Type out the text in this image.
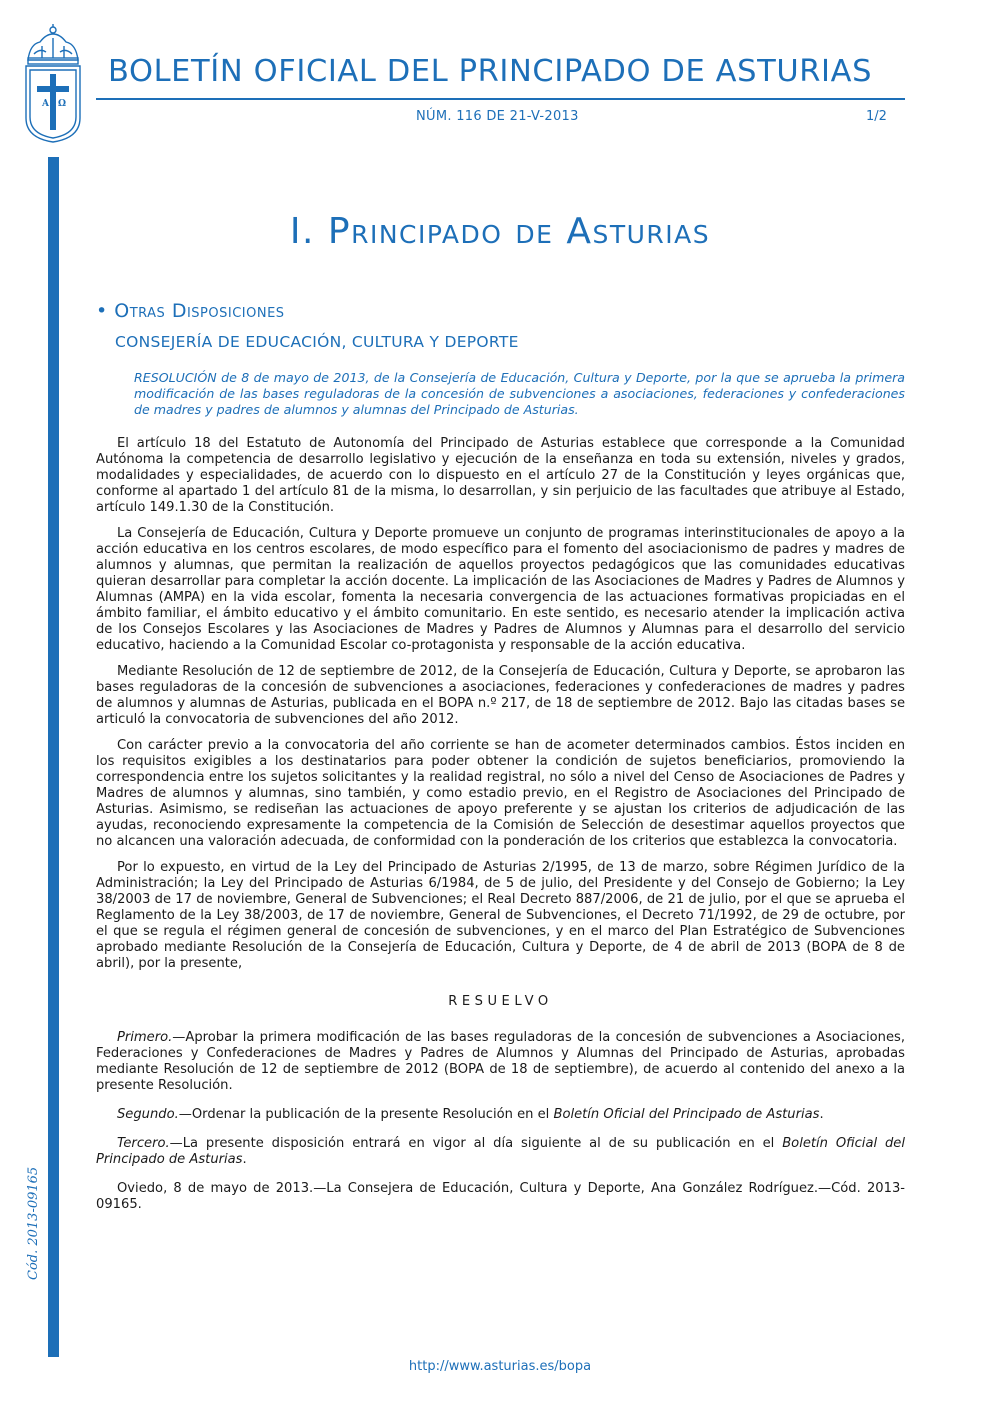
A Ω
BOLETÍN OFICIAL DEL PRINCIPADO DE ASTURIAS
NÚM. 116 DE 21-V-2013	1/2
Cód. 2013-09165
I. Principado de Asturias
• Otras Disposiciones
CONSEJERÍA DE EDUCACIÓN, CULTURA Y DEPORTE
RESOLUCIÓN de 8 de mayo de 2013, de la Consejería de Educación, Cultura y Deporte, por la que se aprueba la primera modificación de las bases reguladoras de la concesión de subvenciones a asociaciones, federaciones y confederaciones de madres y padres de alumnos y alumnas del Principado de Asturias.

El artículo 18 del Estatuto de Autonomía del Principado de Asturias establece que corresponde a la Comunidad Autónoma la competencia de desarrollo legislativo y ejecución de la enseñanza en toda su extensión, niveles y grados, modalidades y especialidades, de acuerdo con lo dispuesto en el artículo 27 de la Constitución y leyes orgánicas que, conforme al apartado 1 del artículo 81 de la misma, lo desarrollan, y sin perjuicio de las facultades que atribuye al Estado, artículo 149.1.30 de la Constitución.

La Consejería de Educación, Cultura y Deporte promueve un conjunto de programas interinstitucionales de apoyo a la acción educativa en los centros escolares, de modo específico para el fomento del asociacionismo de padres y madres de alumnos y alumnas, que permitan la realización de aquellos proyectos pedagógicos que las comunidades educativas quieran desarrollar para completar la acción docente. La implicación de las Asociaciones de Madres y Padres de Alumnos y Alumnas (AMPA) en la vida escolar, fomenta la necesaria convergencia de las actuaciones formativas propiciadas en el ámbito familiar, el ámbito educativo y el ámbito comunitario. En este sentido, es necesario atender la implicación activa de los Consejos Escolares y las Asociaciones de Madres y Padres de Alumnos y Alumnas para el desarrollo del servicio educativo, haciendo a la Comunidad Escolar co-protagonista y responsable de la acción educativa.

Mediante Resolución de 12 de septiembre de 2012, de la Consejería de Educación, Cultura y Deporte, se aprobaron las bases reguladoras de la concesión de subvenciones a asociaciones, federaciones y confederaciones de madres y padres de alumnos y alumnas de Asturias, publicada en el BOPA n.º 217, de 18 de septiembre de 2012. Bajo las citadas bases se articuló la convocatoria de subvenciones del año 2012.

Con carácter previo a la convocatoria del año corriente se han de acometer determinados cambios. Éstos inciden en los requisitos exigibles a los destinatarios para poder obtener la condición de sujetos beneficiarios, promoviendo la correspondencia entre los sujetos solicitantes y la realidad registral, no sólo a nivel del Censo de Asociaciones de Padres y Madres de alumnos y alumnas, sino también, y como estadio previo, en el Registro de Asociaciones del Principado de Asturias. Asimismo, se rediseñan las actuaciones de apoyo preferente y se ajustan los criterios de adjudicación de las ayudas, reconociendo expresamente la competencia de la Comisión de Selección de desestimar aquellos proyectos que no alcancen una valoración adecuada, de conformidad con la ponderación de los criterios que establezca la convocatoria.

Por lo expuesto, en virtud de la Ley del Principado de Asturias 2/1995, de 13 de marzo, sobre Régimen Jurídico de la Administración; la Ley del Principado de Asturias 6/1984, de 5 de julio, del Presidente y del Consejo de Gobierno; la Ley 38/2003 de 17 de noviembre, General de Subvenciones; el Real Decreto 887/2006, de 21 de julio, por el que se aprueba el Reglamento de la Ley 38/2003, de 17 de noviembre, General de Subvenciones, el Decreto 71/1992, de 29 de octubre, por el que se regula el régimen general de concesión de subvenciones, y en el marco del Plan Estratégico de Subvenciones aprobado mediante Resolución de la Consejería de Educación, Cultura y Deporte, de 4 de abril de 2013 (BOPA de 8 de abril), por la presente,

RESUELVO

Primero.—Aprobar la primera modificación de las bases reguladoras de la concesión de subvenciones a Asociaciones, Federaciones y Confederaciones de Madres y Padres de Alumnos y Alumnas del Principado de Asturias, aprobadas mediante Resolución de 12 de septiembre de 2012 (BOPA de 18 de septiembre), de acuerdo al contenido del anexo a la presente Resolución.

Segundo.—Ordenar la publicación de la presente Resolución en el Boletín Oficial del Principado de Asturias.

Tercero.—La presente disposición entrará en vigor al día siguiente al de su publicación en el Boletín Oficial del Principado de Asturias.

Oviedo, 8 de mayo de 2013.—La Consejera de Educación, Cultura y Deporte, Ana González Rodríguez.—Cód. 2013-09165.

http://www.asturias.es/bopa
